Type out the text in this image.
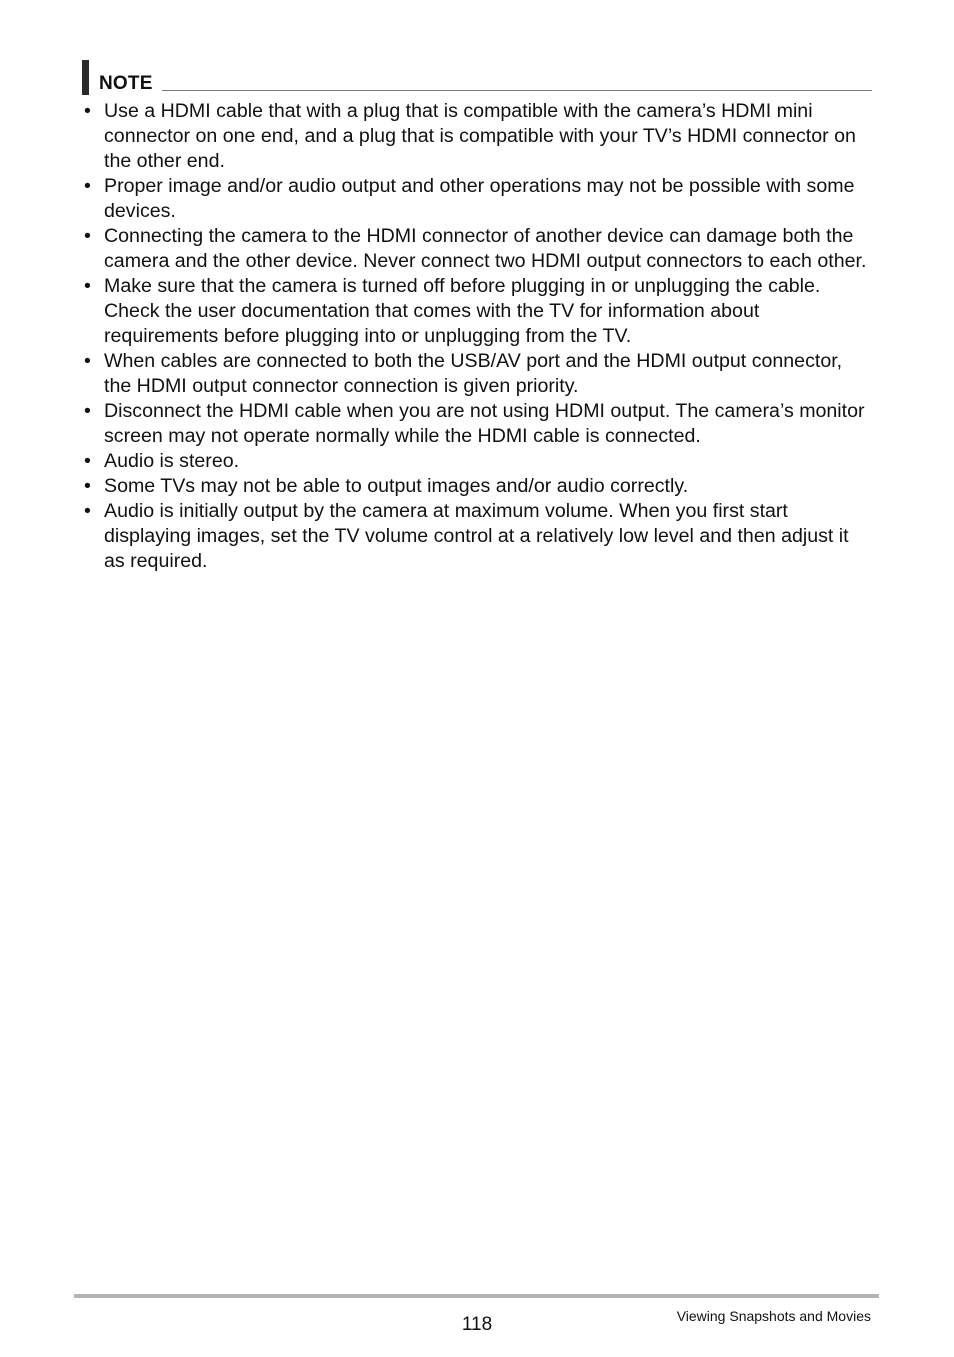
NOTE
• Use a HDMI cable that with a plug that is compatible with the camera’s HDMI mini connector on one end, and a plug that is compatible with your TV’s HDMI connector on the other end.
• Proper image and/or audio output and other operations may not be possible with some devices.
• Connecting the camera to the HDMI connector of another device can damage both the camera and the other device. Never connect two HDMI output connectors to each other.
• Make sure that the camera is turned off before plugging in or unplugging the cable. Check the user documentation that comes with the TV for information about requirements before plugging into or unplugging from the TV.
• When cables are connected to both the USB/AV port and the HDMI output connector, the HDMI output connector connection is given priority.
• Disconnect the HDMI cable when you are not using HDMI output. The camera’s monitor screen may not operate normally while the HDMI cable is connected.
• Audio is stereo.
• Some TVs may not be able to output images and/or audio correctly.
• Audio is initially output by the camera at maximum volume. When you first start displaying images, set the TV volume control at a relatively low level and then adjust it as required.
118	Viewing Snapshots and Movies
